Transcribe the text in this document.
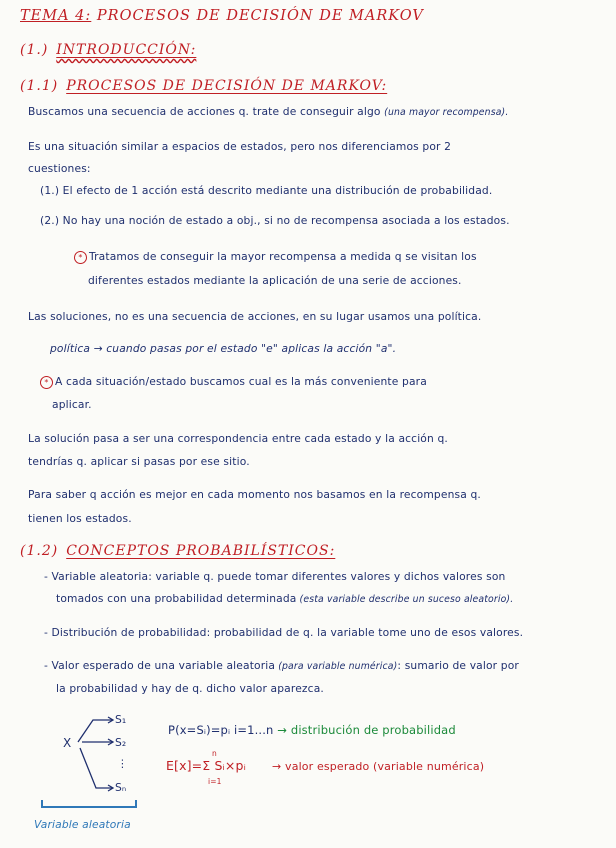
TEMA 4: PROCESOS DE DECISIÓN DE MARKOV
(1.) INTRODUCCIÓN:
(1.1) PROCESOS DE DECISIÓN DE MARKOV:
Buscamos una secuencia de acciones q. trate de conseguir algo (una mayor recompensa).
Es una situación similar a espacios de estados, pero nos diferenciamos por 2
cuestiones:
(1.) El efecto de 1 acción está descrito mediante una distribución de probabilidad.
(2.) No hay una noción de estado a obj., si no de recompensa asociada a los estados.
* Tratamos de conseguir la mayor recompensa a medida q se visitan los
diferentes estados mediante la aplicación de una serie de acciones.
Las soluciones, no es una secuencia de acciones, en su lugar usamos una política.
política → cuando pasas por el estado "e" aplicas la acción "a".
* A cada situación/estado buscamos cual es la más conveniente para
aplicar.
La solución pasa a ser una correspondencia entre cada estado y la acción q.
tendrías q. aplicar si pasas por ese sitio.
Para saber q acción es mejor en cada momento nos basamos en la recompensa q.
tienen los estados.
(1.2) CONCEPTOS PROBABILÍSTICOS:
- Variable aleatoria: variable q. puede tomar diferentes valores y dichos valores son
tomados con una probabilidad determinada (esta variable describe un suceso aleatorio).
- Distribución de probabilidad: probabilidad de q. la variable tome uno de esos valores.
- Valor esperado de una variable aleatoria (para variable numérica): sumario de valor por
la probabilidad y hay de q. dicho valor aparezca.
X
S₁
S₂
⋮
Sₙ
Variable aleatoria
P(x=Sᵢ)=pᵢ i=1...n → distribución de probabilidad
E[x]=Σ Sᵢ×pᵢ
n
i=1
→ valor esperado (variable numérica)
